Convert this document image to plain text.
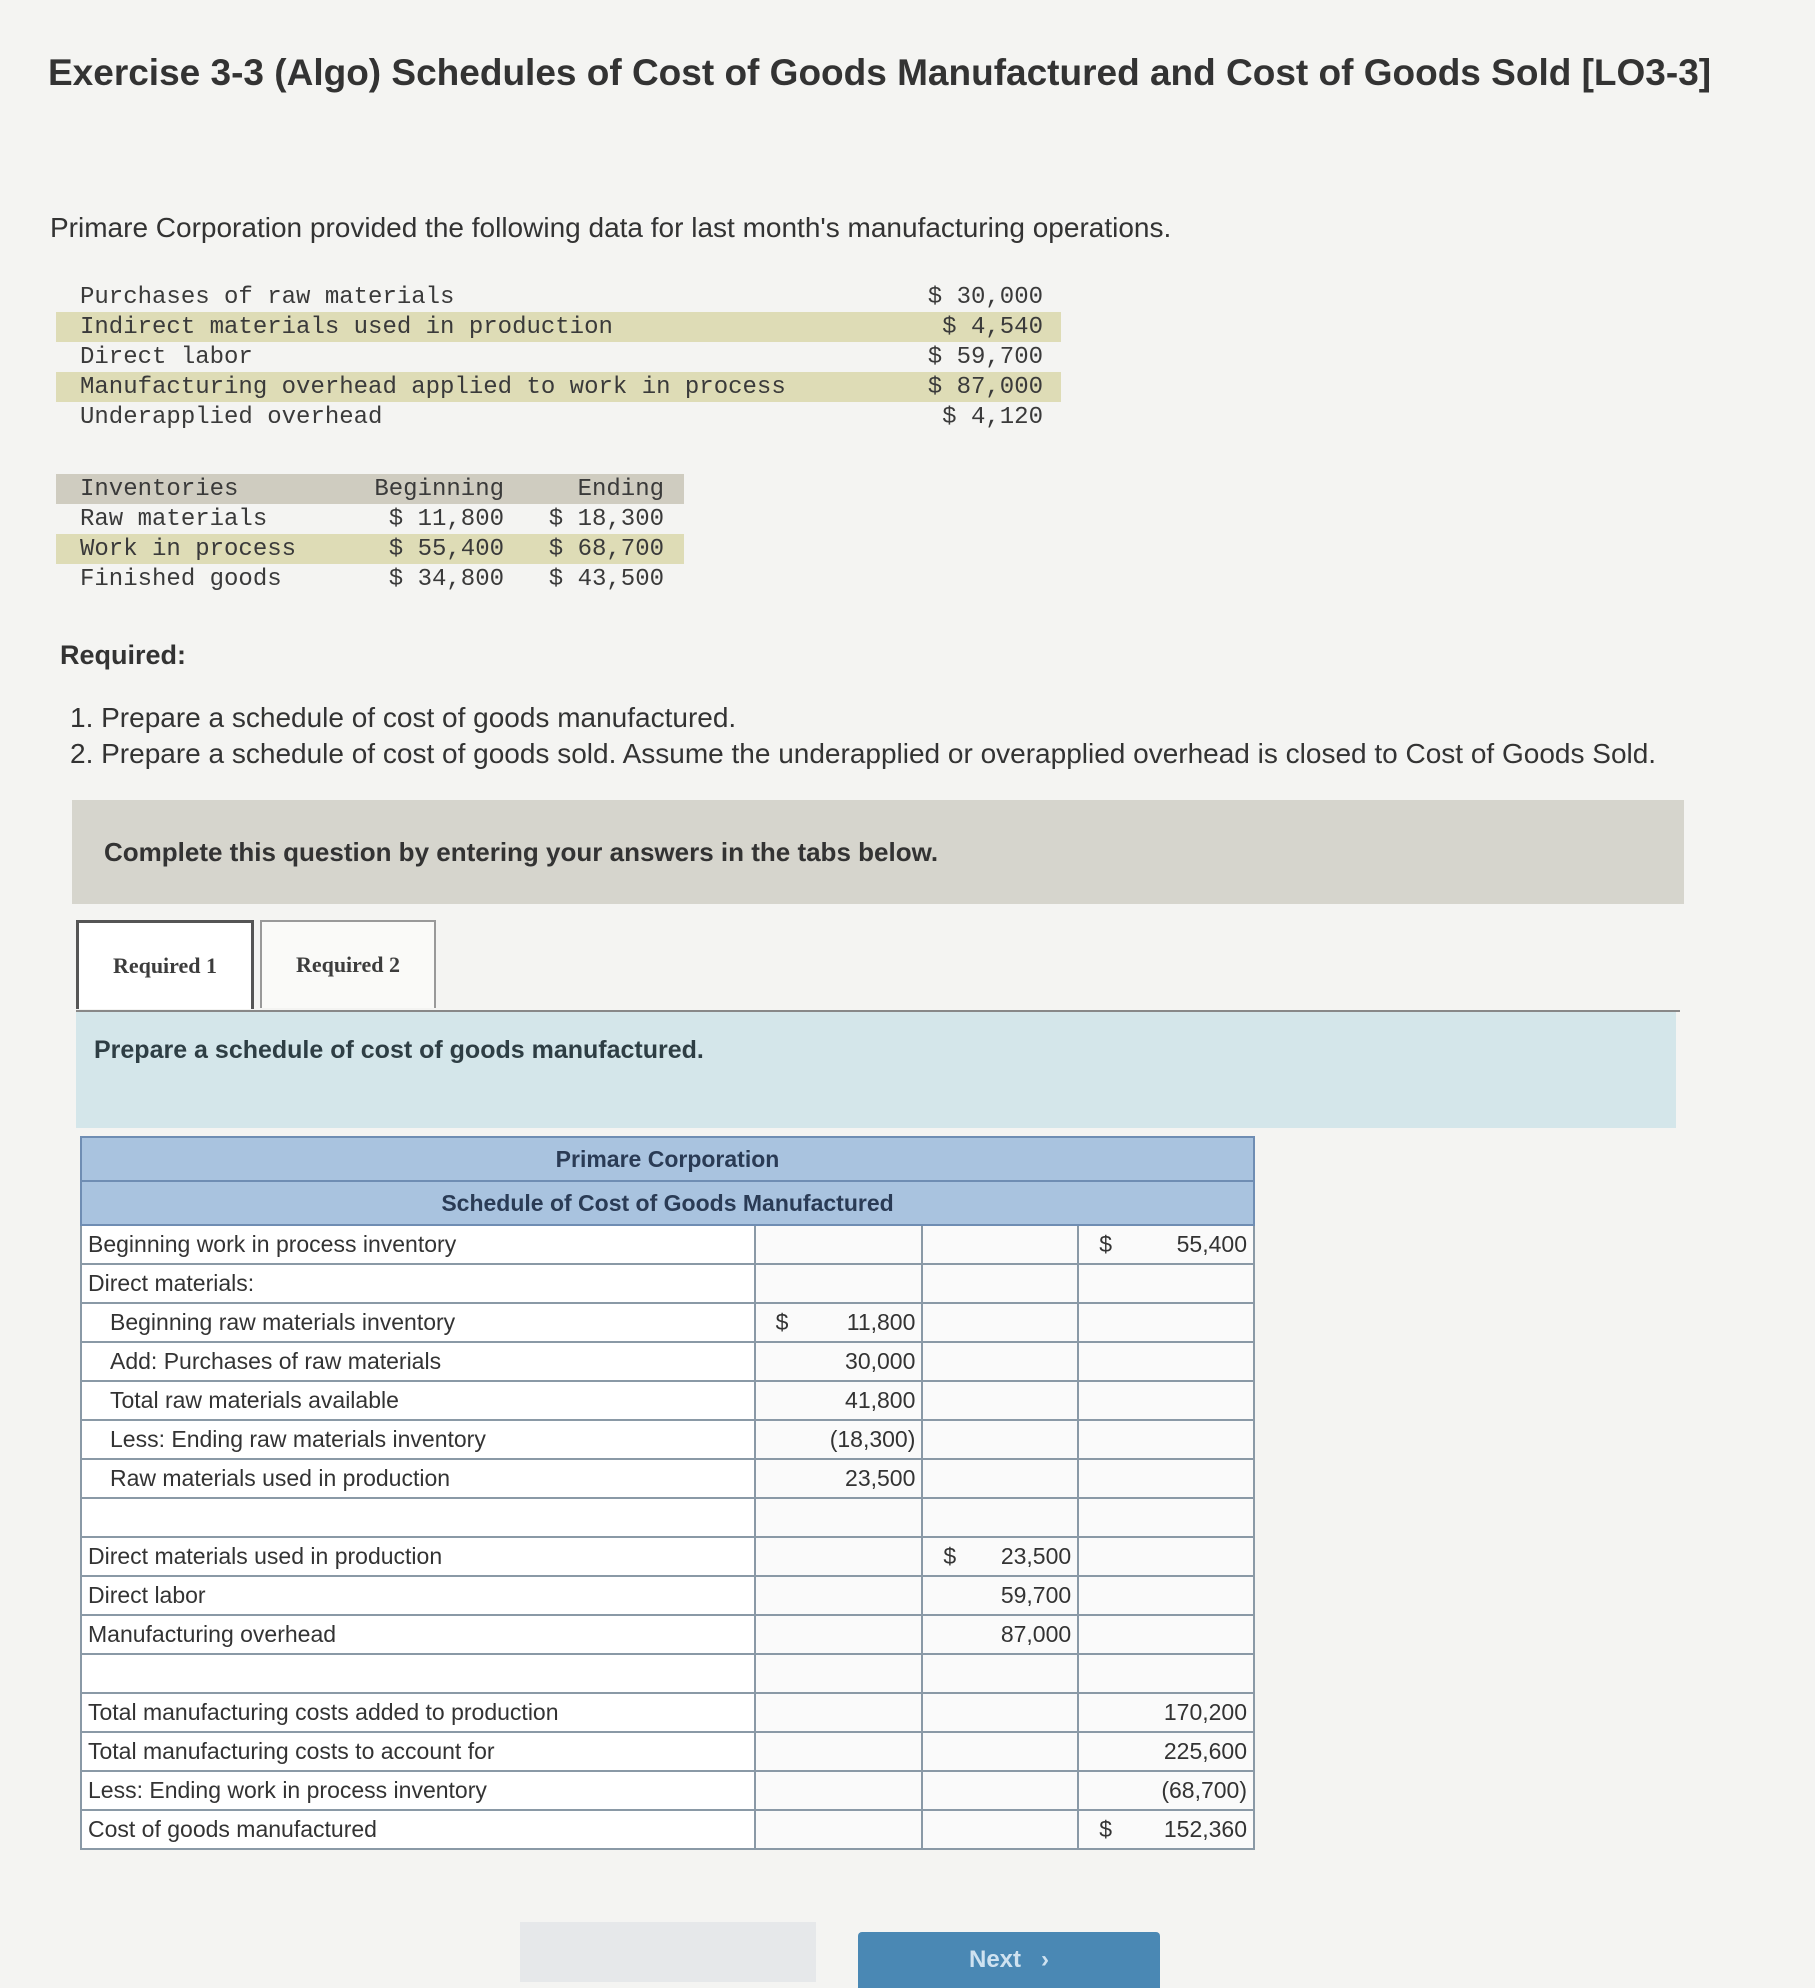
Exercise 3-3 (Algo) Schedules of Cost of Goods Manufactured and Cost of Goods Sold [LO3-3]
Primare Corporation provided the following data for last month's manufacturing operations.
Purchases of raw materials	$ 30,000
Indirect materials used in production	$ 4,540
Direct labor	$ 59,700
Manufacturing overhead applied to work in process	$ 87,000
Underapplied overhead	$ 4,120
Inventories	Beginning	Ending
Raw materials	$ 11,800	$ 18,300
Work in process	$ 55,400	$ 68,700
Finished goods	$ 34,800	$ 43,500
Required:
1. Prepare a schedule of cost of goods manufactured.
2. Prepare a schedule of cost of goods sold. Assume the underapplied or overapplied overhead is closed to Cost of Goods Sold.
Complete this question by entering your answers in the tabs below.
Required 1	Required 2
Prepare a schedule of cost of goods manufactured.
Primare Corporation			
Schedule of Cost of Goods Manufactured			
Beginning work in process inventory			$ 55,400
Direct materials:			
Beginning raw materials inventory	$ 11,800		
Add: Purchases of raw materials	30,000		
Total raw materials available	41,800		
Less: Ending raw materials inventory	(18,300)		
Raw materials used in production	23,500		

Direct materials used in production		$ 23,500	
Direct labor		59,700	
Manufacturing overhead		87,000	

Total manufacturing costs added to production			170,200
Total manufacturing costs to account for			225,600
Less: Ending work in process inventory			(68,700)
Cost of goods manufactured			$ 152,360
Next ›
